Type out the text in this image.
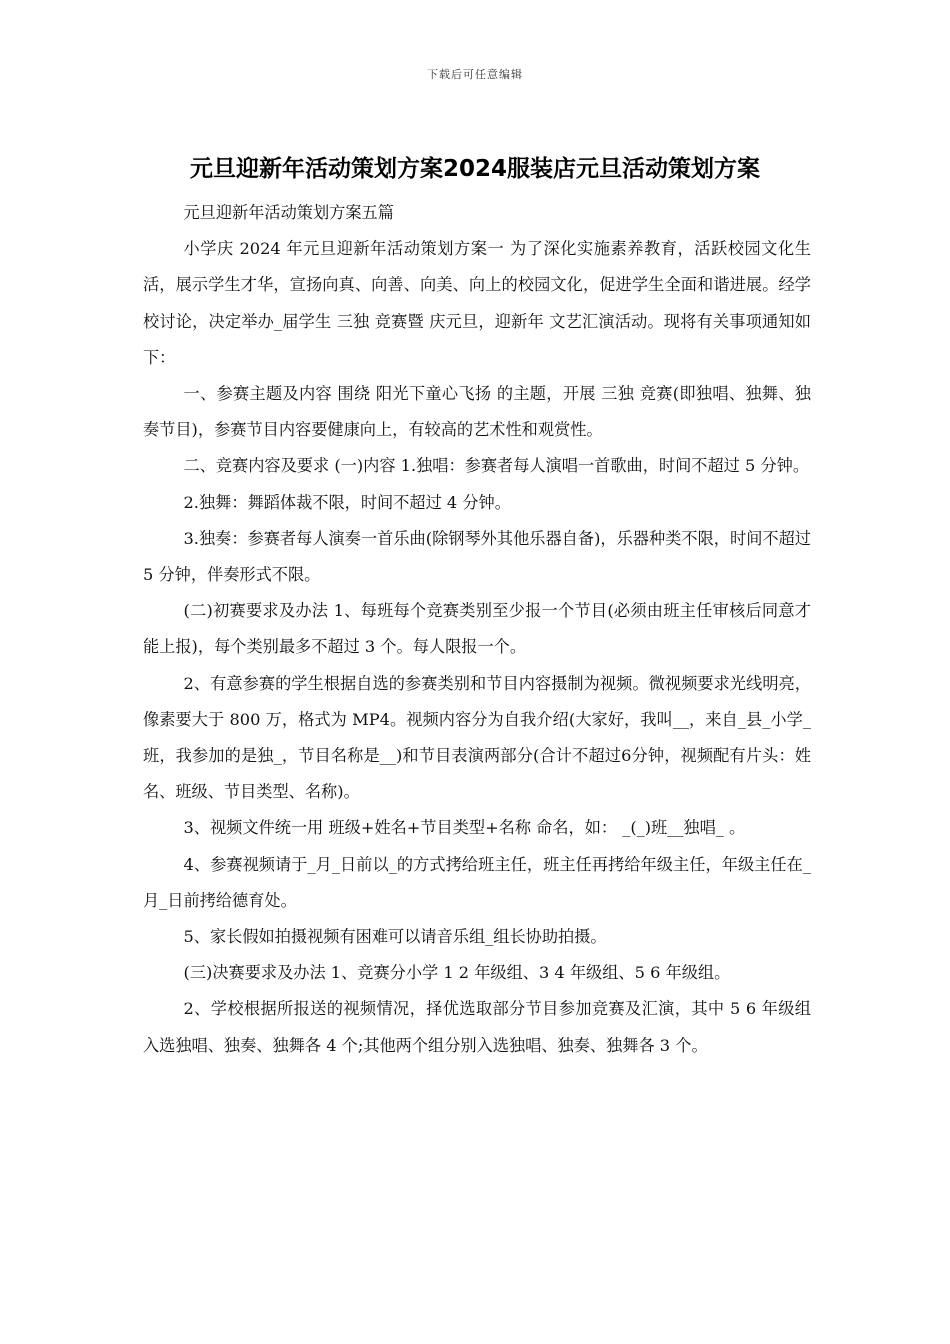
下载后可任意编辑
元旦迎新年活动策划方案2024服装店元旦活动策划方案

元旦迎新年活动策划方案五篇

小学庆 2024 年元旦迎新年活动策划方案一 为了深化实施素养教育，活跃校园文化生活，展示学生才华，宣扬向真、向善、向美、向上的校园文化，促进学生全面和谐进展。经学校讨论，决定举办_届学生 三独 竞赛暨 庆元旦，迎新年 文艺汇演活动。现将有关事项通知如下：

一、参赛主题及内容 围绕 阳光下童心飞扬 的主题，开展 三独 竞赛(即独唱、独舞、独奏节目)，参赛节目内容要健康向上，有较高的艺术性和观赏性。

二、竞赛内容及要求 (一)内容 1.独唱：参赛者每人演唱一首歌曲，时间不超过 5 分钟。

2.独舞：舞蹈体裁不限，时间不超过 4 分钟。

3.独奏：参赛者每人演奏一首乐曲(除钢琴外其他乐器自备)，乐器种类不限，时间不超过 5 分钟，伴奏形式不限。

(二)初赛要求及办法 1、每班每个竞赛类别至少报一个节目(必须由班主任审核后同意才能上报)，每个类别最多不超过 3 个。每人限报一个。

2、有意参赛的学生根据自选的参赛类别和节目内容摄制为视频。微视频要求光线明亮，像素要大于 800 万，格式为 MP4。视频内容分为自我介绍(大家好，我叫__，来自_县_小学_班，我参加的是独_，节目名称是__)和节目表演两部分(合计不超过6分钟，视频配有片头：姓名、班级、节目类型、名称)。

3、视频文件统一用 班级+姓名+节目类型+名称 命名，如： _(_)班__独唱_ 。

4、参赛视频请于_月_日前以_的方式拷给班主任，班主任再拷给年级主任，年级主任在_月_日前拷给德育处。

5、家长假如拍摄视频有困难可以请音乐组_组长协助拍摄。

(三)决赛要求及办法 1、竞赛分小学 1 2 年级组、3 4 年级组、5 6 年级组。

2、学校根据所报送的视频情况，择优选取部分节目参加竞赛及汇演，其中 5 6 年级组入选独唱、独奏、独舞各 4 个;其他两个组分别入选独唱、独奏、独舞各 3 个。
